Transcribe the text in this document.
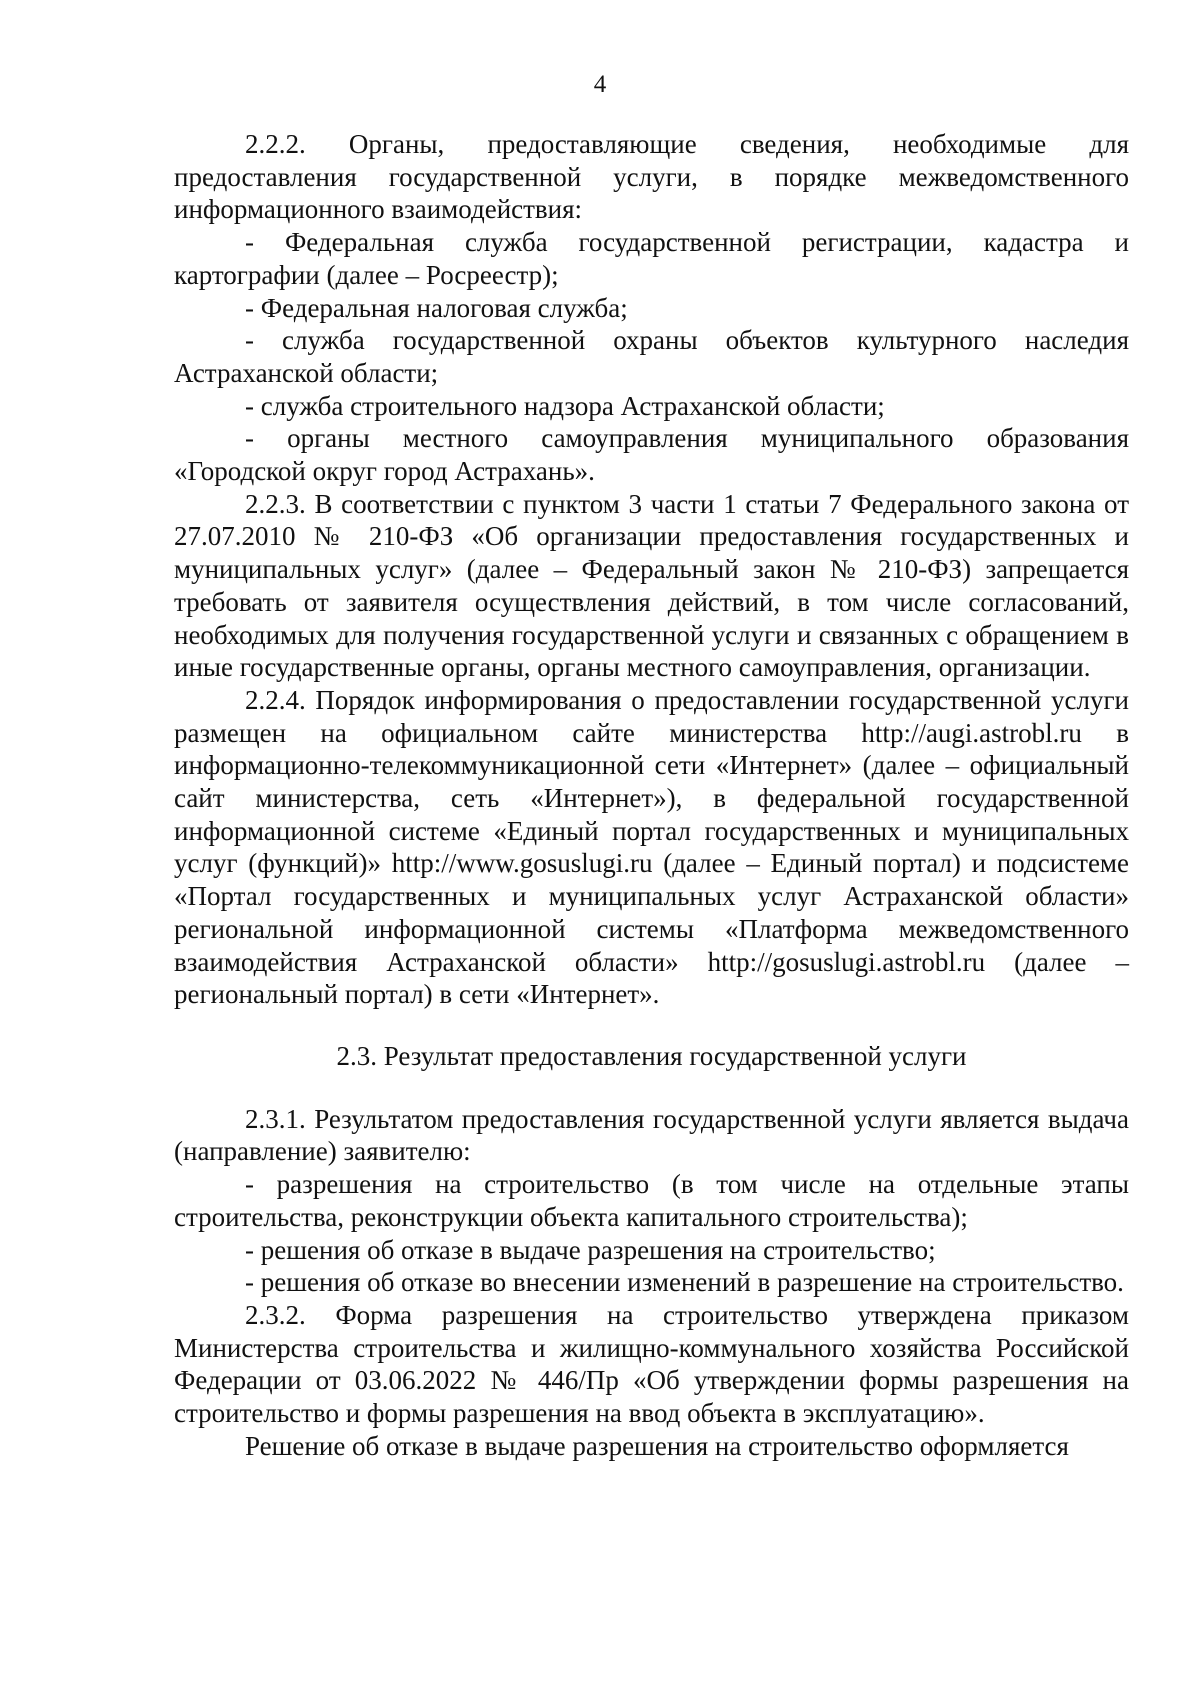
4

2.2.2. Органы, предоставляющие сведения, необходимые для предоставления государственной услуги, в порядке межведомственного информационного взаимодействия:

- Федеральная служба государственной регистрации, кадастра и картографии (далее – Росреестр);

- Федеральная налоговая служба;

- служба государственной охраны объектов культурного наследия Астраханской области;

- служба строительного надзора Астраханской области;

- органы местного самоуправления муниципального образования «Городской округ город Астрахань».

2.2.3. В соответствии с пунктом 3 части 1 статьи 7 Федерального закона от 27.07.2010 № 210-ФЗ «Об организации предоставления государственных и муниципальных услуг» (далее – Федеральный закон № 210-ФЗ) запрещается требовать от заявителя осуществления действий, в том числе согласований, необходимых для получения государственной услуги и связанных с обращением в иные государственные органы, органы местного самоуправления, организации.

2.2.4. Порядок информирования о предоставлении государственной услуги размещен на официальном сайте министерства http://augi.astrobl.ru в информационно-телекоммуникационной сети «Интернет» (далее – официальный сайт министерства, сеть «Интернет»), в федеральной государственной информационной системе «Единый портал государственных и муниципальных услуг (функций)» http://www.gosuslugi.ru (далее – Единый портал) и подсистеме «Портал государственных и муниципальных услуг Астраханской области» региональной информационной системы «Платформа межведомственного взаимодействия Астраханской области» http://gosuslugi.astrobl.ru (далее – региональный портал) в сети «Интернет».

2.3. Результат предоставления государственной услуги

2.3.1. Результатом предоставления государственной услуги является выдача (направление) заявителю:

- разрешения на строительство (в том числе на отдельные этапы строительства, реконструкции объекта капитального строительства);

- решения об отказе в выдаче разрешения на строительство;

- решения об отказе во внесении изменений в разрешение на строительство.

2.3.2. Форма разрешения на строительство утверждена приказом Министерства строительства и жилищно-коммунального хозяйства Российской Федерации от 03.06.2022 № 446/Пр «Об утверждении формы разрешения на строительство и формы разрешения на ввод объекта в эксплуатацию».

Решение об отказе в выдаче разрешения на строительство оформляется
